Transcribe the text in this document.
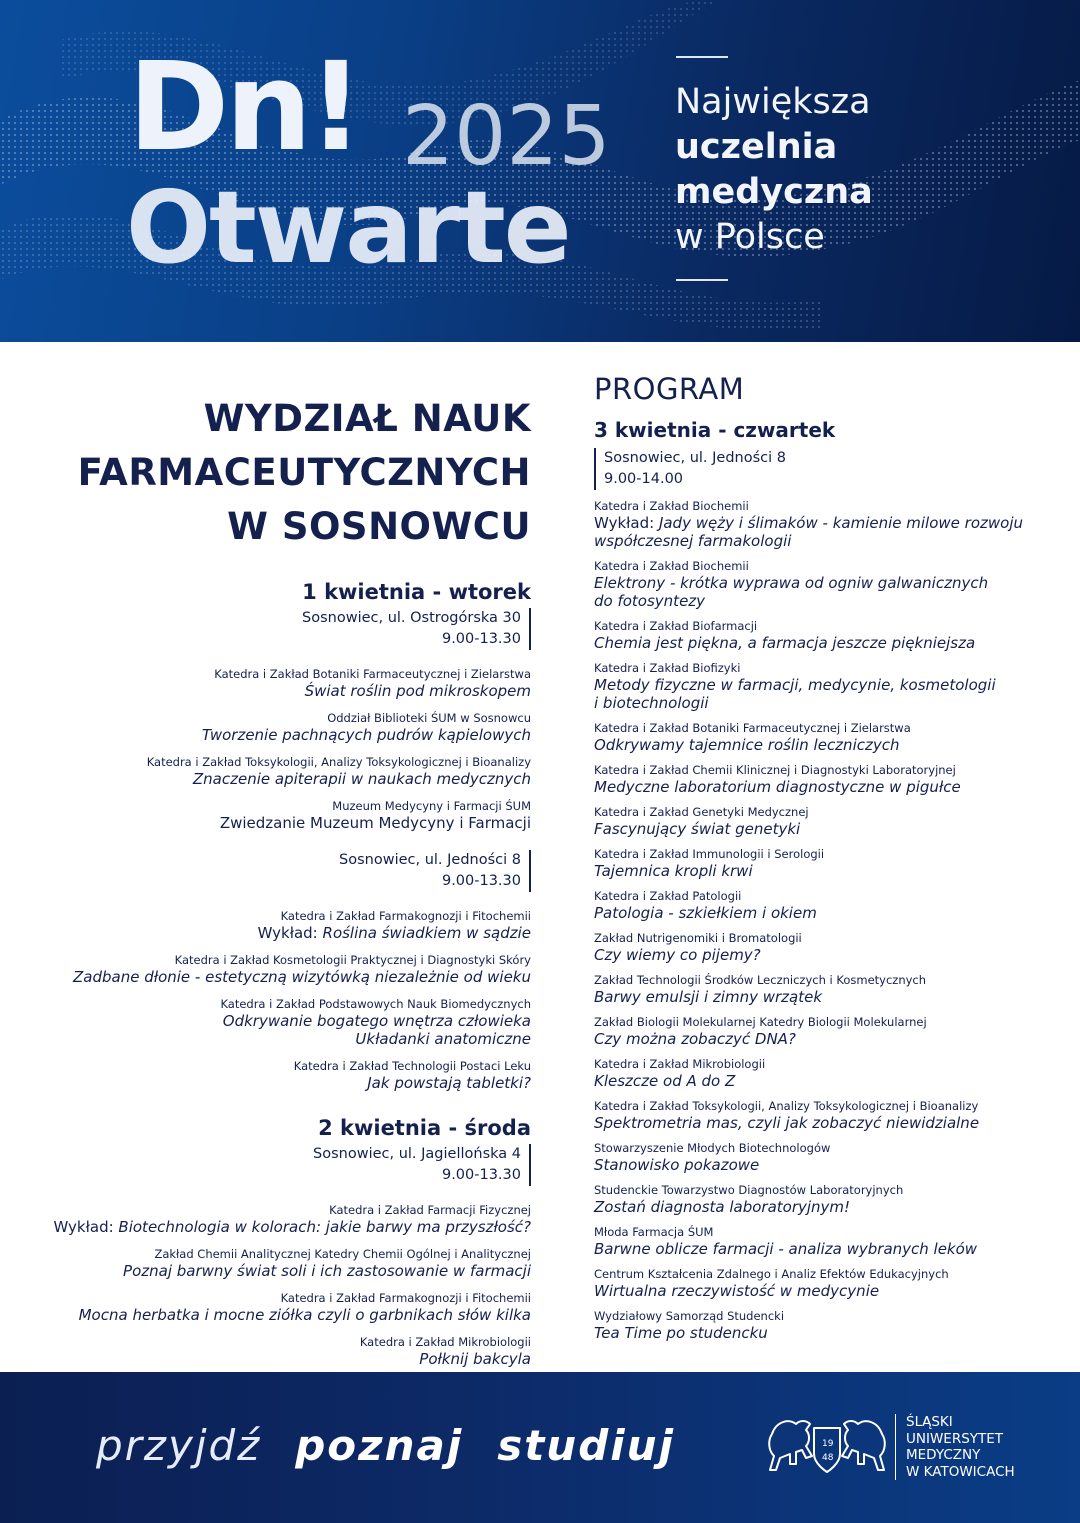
Dn! 2025
Otwarte
Największa
uczelnia
medyczna
w Polsce
WYDZIAŁ NAUK
FARMACEUTYCZNYCH
W SOSNOWCU
1 kwietnia - wtorek
Sosnowiec, ul. Ostrogórska 30
9.00-13.30
Katedra i Zakład Botaniki Farmaceutycznej i Zielarstwa
Świat roślin pod mikroskopem
Oddział Biblioteki ŚUM w Sosnowcu
Tworzenie pachnących pudrów kąpielowych
Katedra i Zakład Toksykologii, Analizy Toksykologicznej i Bioanalizy
Znaczenie apiterapii w naukach medycznych
Muzeum Medycyny i Farmacji ŚUM
Zwiedzanie Muzeum Medycyny i Farmacji
Sosnowiec, ul. Jedności 8
9.00-13.30
Katedra i Zakład Farmakognozji i Fitochemii
Wykład: Roślina świadkiem w sądzie
Katedra i Zakład Kosmetologii Praktycznej i Diagnostyki Skóry
Zadbane dłonie - estetyczną wizytówką niezależnie od wieku
Katedra i Zakład Podstawowych Nauk Biomedycznych
Odkrywanie bogatego wnętrza człowieka
Układanki anatomiczne
Katedra i Zakład Technologii Postaci Leku
Jak powstają tabletki?
2 kwietnia - środa
Sosnowiec, ul. Jagiellońska 4
9.00-13.30
Katedra i Zakład Farmacji Fizycznej
Wykład: Biotechnologia w kolorach: jakie barwy ma przyszłość?
Zakład Chemii Analitycznej Katedry Chemii Ogólnej i Analitycznej
Poznaj barwny świat soli i ich zastosowanie w farmacji
Katedra i Zakład Farmakognozji i Fitochemii
Mocna herbatka i mocne ziółka czyli o garbnikach słów kilka
Katedra i Zakład Mikrobiologii
Połknij bakcyla
PROGRAM
3 kwietnia - czwartek
Sosnowiec, ul. Jedności 8
9.00-14.00
Katedra i Zakład Biochemii
Wykład: Jady węży i ślimaków - kamienie milowe rozwoju
współczesnej farmakologii
Katedra i Zakład Biochemii
Elektrony - krótka wyprawa od ogniw galwanicznych
do fotosyntezy
Katedra i Zakład Biofarmacji
Chemia jest piękna, a farmacja jeszcze piękniejsza
Katedra i Zakład Biofizyki
Metody fizyczne w farmacji, medycynie, kosmetologii
i biotechnologii
Katedra i Zakład Botaniki Farmaceutycznej i Zielarstwa
Odkrywamy tajemnice roślin leczniczych
Katedra i Zakład Chemii Klinicznej i Diagnostyki Laboratoryjnej
Medyczne laboratorium diagnostyczne w pigułce
Katedra i Zakład Genetyki Medycznej
Fascynujący świat genetyki
Katedra i Zakład Immunologii i Serologii
Tajemnica kropli krwi
Katedra i Zakład Patologii
Patologia - szkiełkiem i okiem
Zakład Nutrigenomiki i Bromatologii
Czy wiemy co pijemy?
Zakład Technologii Środków Leczniczych i Kosmetycznych
Barwy emulsji i zimny wrzątek
Zakład Biologii Molekularnej Katedry Biologii Molekularnej
Czy można zobaczyć DNA?
Katedra i Zakład Mikrobiologii
Kleszcze od A do Z
Katedra i Zakład Toksykologii, Analizy Toksykologicznej i Bioanalizy
Spektrometria mas, czyli jak zobaczyć niewidzialne
Stowarzyszenie Młodych Biotechnologów
Stanowisko pokazowe
Studenckie Towarzystwo Diagnostów Laboratoryjnych
Zostań diagnosta laboratoryjnym!
Młoda Farmacja ŚUM
Barwne oblicze farmacji - analiza wybranych leków
Centrum Kształcenia Zdalnego i Analiz Efektów Edukacyjnych
Wirtualna rzeczywistość w medycynie
Wydziałowy Samorząd Studencki
Tea Time po studencku
przyjdź poznaj studiuj	19
48
ŚLĄSKI
UNIWERSYTET
MEDYCZNY
W KATOWICACH
